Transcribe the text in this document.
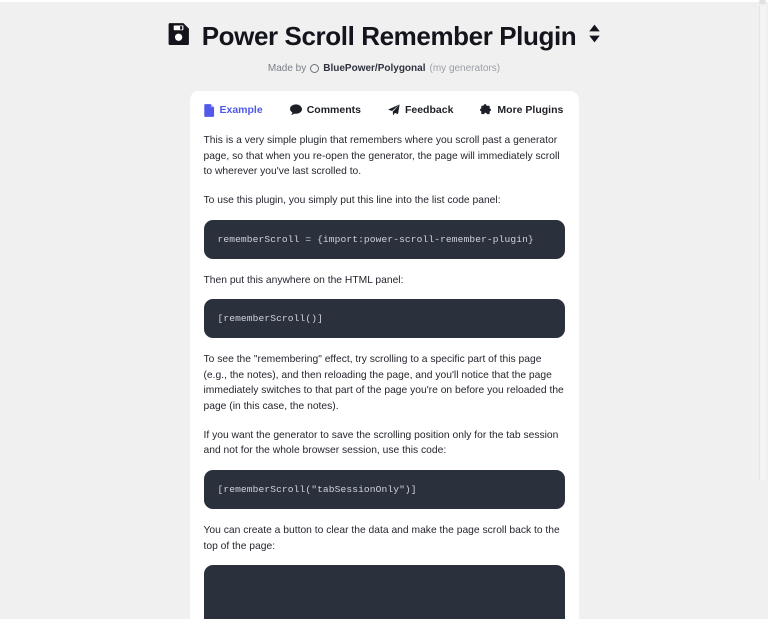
Power Scroll Remember Plugin
Made by BluePower/Polygonal (my generators)
Example	Comments	Feedback	More Plugins

This is a very simple plugin that remembers where you scroll past a generator page, so that when you re-open the generator, the page will immediately scroll to wherever you've last scrolled to.

To use this plugin, you simply put this line into the list code panel:

rememberScroll = {import:power-scroll-remember-plugin}

Then put this anywhere on the HTML panel:

[rememberScroll()]

To see the "remembering" effect, try scrolling to a specific part of this page (e.g., the notes), and then reloading the page, and you'll notice that the page immediately switches to that part of the page you're on before you reloaded the page (in this case, the notes).

If you want the generator to save the scrolling position only for the tab session and not for the whole browser session, use this code:

[rememberScroll("tabSessionOnly")]

You can create a button to clear the data and make the page scroll back to the top of the page:
